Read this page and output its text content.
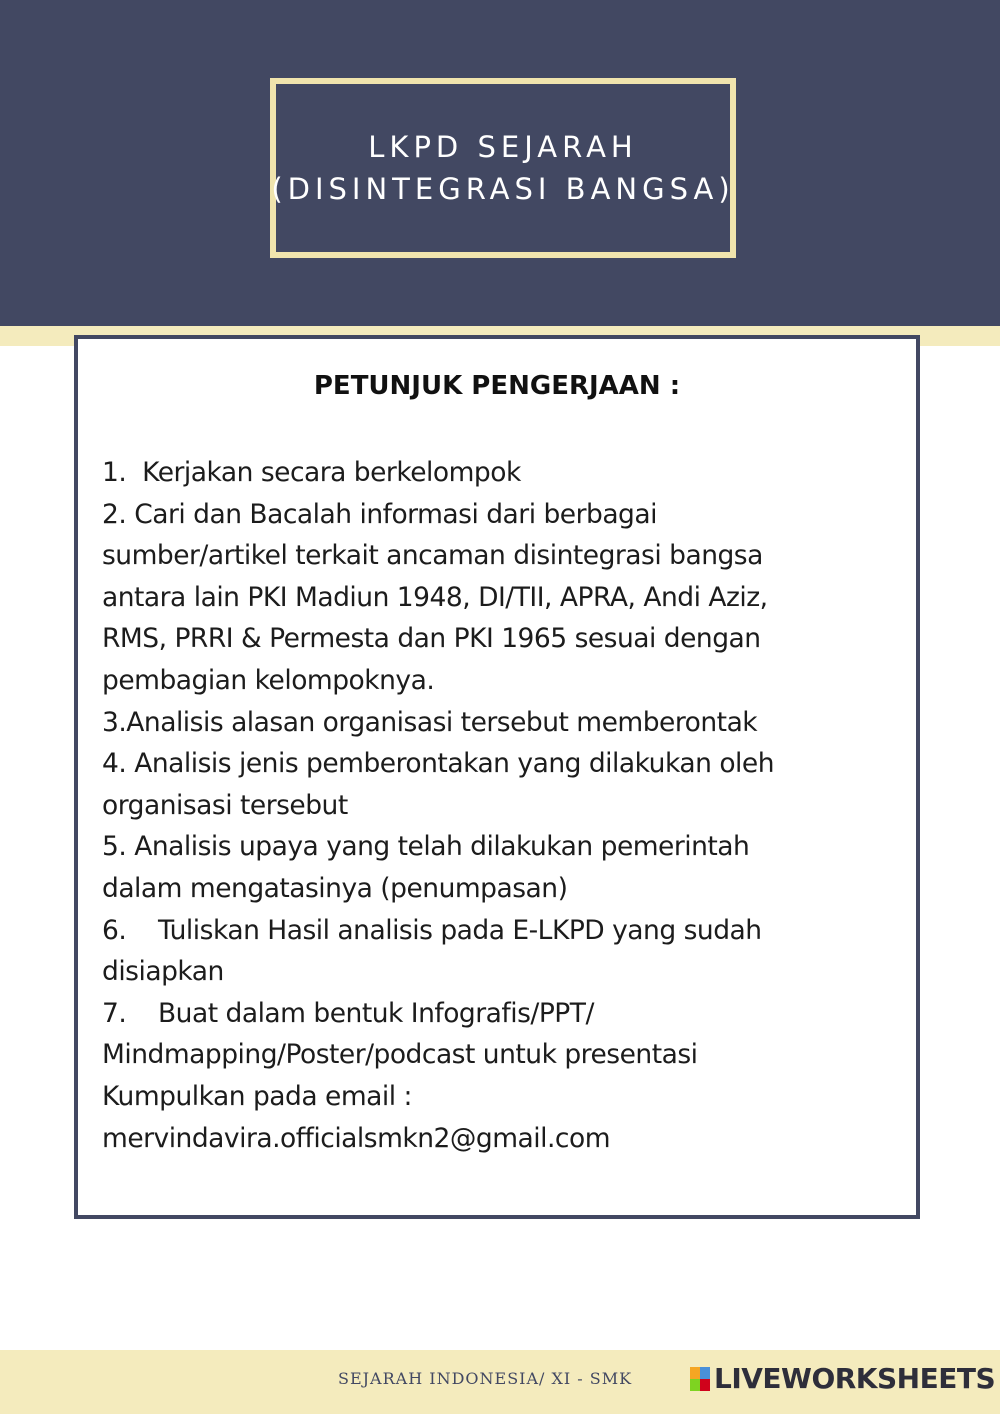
LKPD SEJARAH
(DISINTEGRASI BANGSA)
PETUNJUK PENGERJAAN :
1.  Kerjakan secara berkelompok
2. Cari dan Bacalah informasi dari berbagai
sumber/artikel terkait ancaman disintegrasi bangsa
antara lain PKI Madiun 1948, DI/TII, APRA, Andi Aziz,
RMS, PRRI & Permesta dan PKI 1965 sesuai dengan
pembagian kelompoknya.
3.Analisis alasan organisasi tersebut memberontak
4. Analisis jenis pemberontakan yang dilakukan oleh
organisasi tersebut
5. Analisis upaya yang telah dilakukan pemerintah
dalam mengatasinya (penumpasan)
6.    Tuliskan Hasil analisis pada E-LKPD yang sudah
disiapkan
7.    Buat dalam bentuk Infografis/PPT/
Mindmapping/Poster/podcast untuk presentasi
Kumpulkan pada email :
mervindavira.officialsmkn2@gmail.com
SEJARAH INDONESIA/ XI - SMK	LIVEWORKSHEETS
